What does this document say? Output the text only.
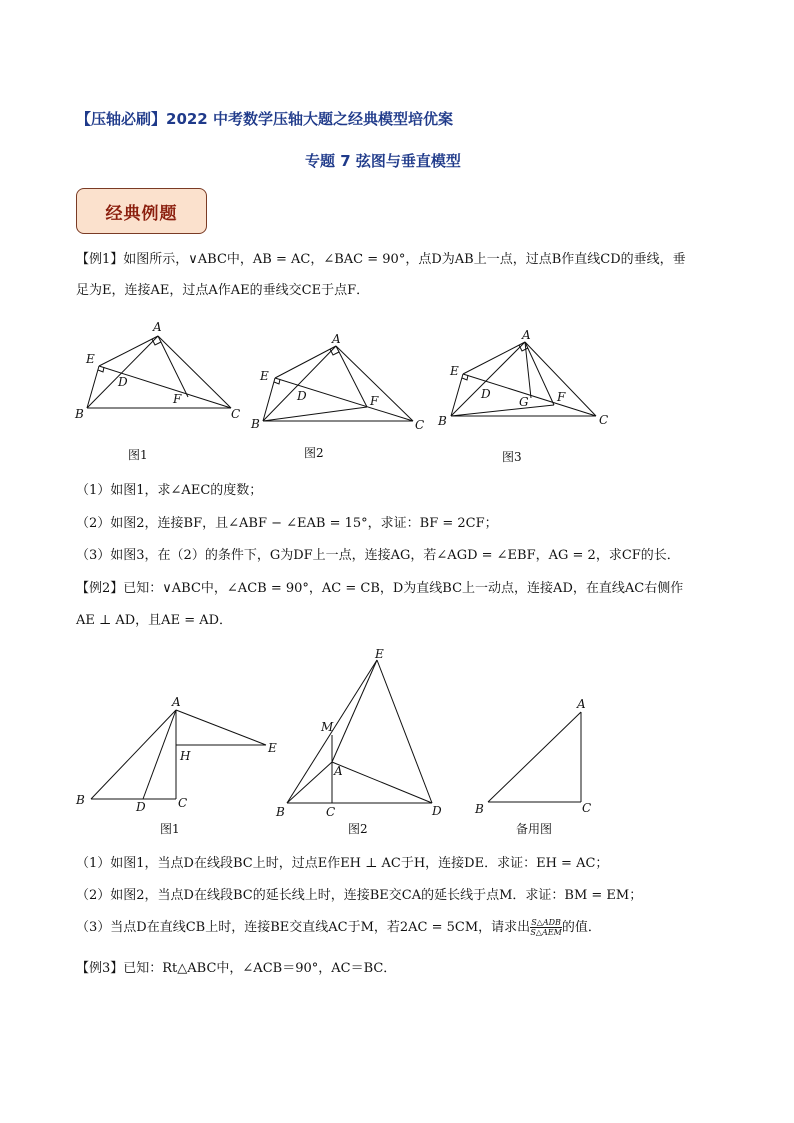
【压轴必刷】2022 中考数学压轴大题之经典模型培优案
专题 7 弦图与垂直模型
经典例题
【例1】如图所示，∨ABC中，AB = AC，∠BAC = 90°，点D为AB上一点，过点B作直线CD的垂线，垂
足为E，连接AE，过点A作AE的垂线交CE于点F．
A
E
D
F
B	C
图1
A
E
D	F
B	C
图2
A
E
D
G F
B	C
图3
（1）如图1，求∠AEC的度数；
（2）如图2，连接BF，且∠ABF − ∠EAB = 15°，求证：BF = 2CF；
（3）如图3，在（2）的条件下，G为DF上一点，连接AG，若∠AGD = ∠EBF，AG = 2，求CF的长．
【例2】已知：∨ABC中，∠ACB = 90°，AC = CB，D为直线BC上一动点，连接AD，在直线AC右侧作
AE ⊥ AD，且AE = AD．
A
H
E
B	D	C
图1
E
M
A
B	C	D
图2
A
B	C
备用图
（1）如图1，当点D在线段BC上时，过点E作EH ⊥ AC于H，连接DE．求证：EH = AC；
（2）如图2，当点D在线段BC的延长线上时，连接BE交CA的延长线于点M．求证：BM = EM；
（3）当点D在直线CB上时，连接BE交直线AC于M，若2AC = 5CM，请求出 $\frac{\text{S△ADB}}{\text{S△AEM}}$ 的值．
【例3】已知：Rt△ABC中，∠ACB＝90°，AC＝BC．
